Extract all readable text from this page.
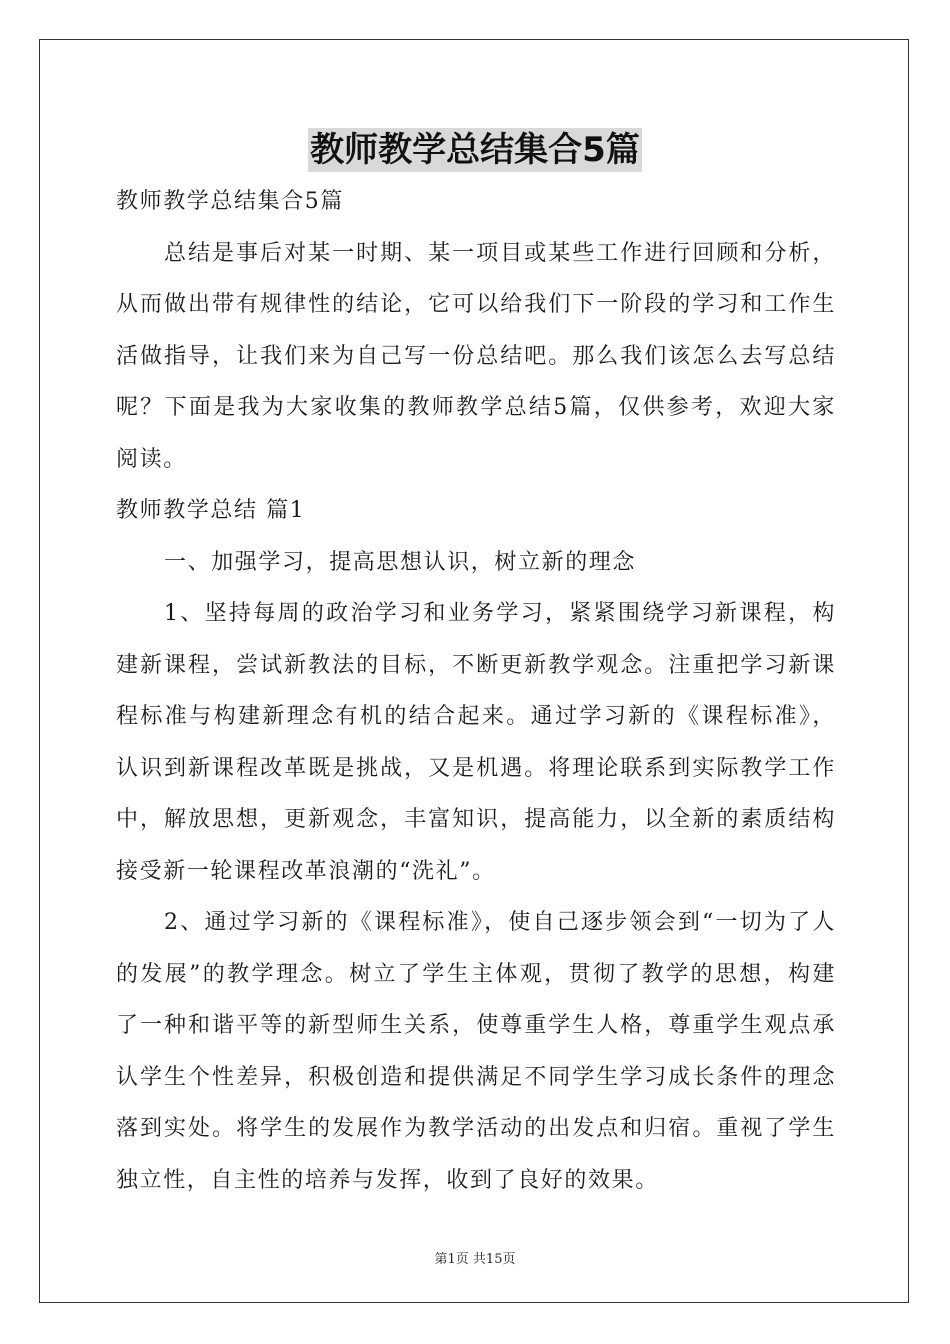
教师教学总结集合5篇

教师教学总结集合5篇

总结是事后对某一时期、某一项目或某些工作进行回顾和分析，从而做出带有规律性的结论，它可以给我们下一阶段的学习和工作生活做指导，让我们来为自己写一份总结吧。那么我们该怎么去写总结呢？下面是我为大家收集的教师教学总结5篇，仅供参考，欢迎大家阅读。

教师教学总结 篇1

一、加强学习，提高思想认识，树立新的理念

1、坚持每周的政治学习和业务学习，紧紧围绕学习新课程，构建新课程，尝试新教法的目标，不断更新教学观念。注重把学习新课程标准与构建新理念有机的结合起来。通过学习新的《课程标准》，认识到新课程改革既是挑战，又是机遇。将理论联系到实际教学工作中，解放思想，更新观念，丰富知识，提高能力，以全新的素质结构接受新一轮课程改革浪潮的“洗礼”。

2、通过学习新的《课程标准》，使自己逐步领会到“一切为了人的发展”的教学理念。树立了学生主体观，贯彻了教学的思想，构建了一种和谐平等的新型师生关系，使尊重学生人格，尊重学生观点承认学生个性差异，积极创造和提供满足不同学生学习成长条件的理念落到实处。将学生的发展作为教学活动的出发点和归宿。重视了学生独立性，自主性的培养与发挥，收到了良好的效果。

第1页 共15页
